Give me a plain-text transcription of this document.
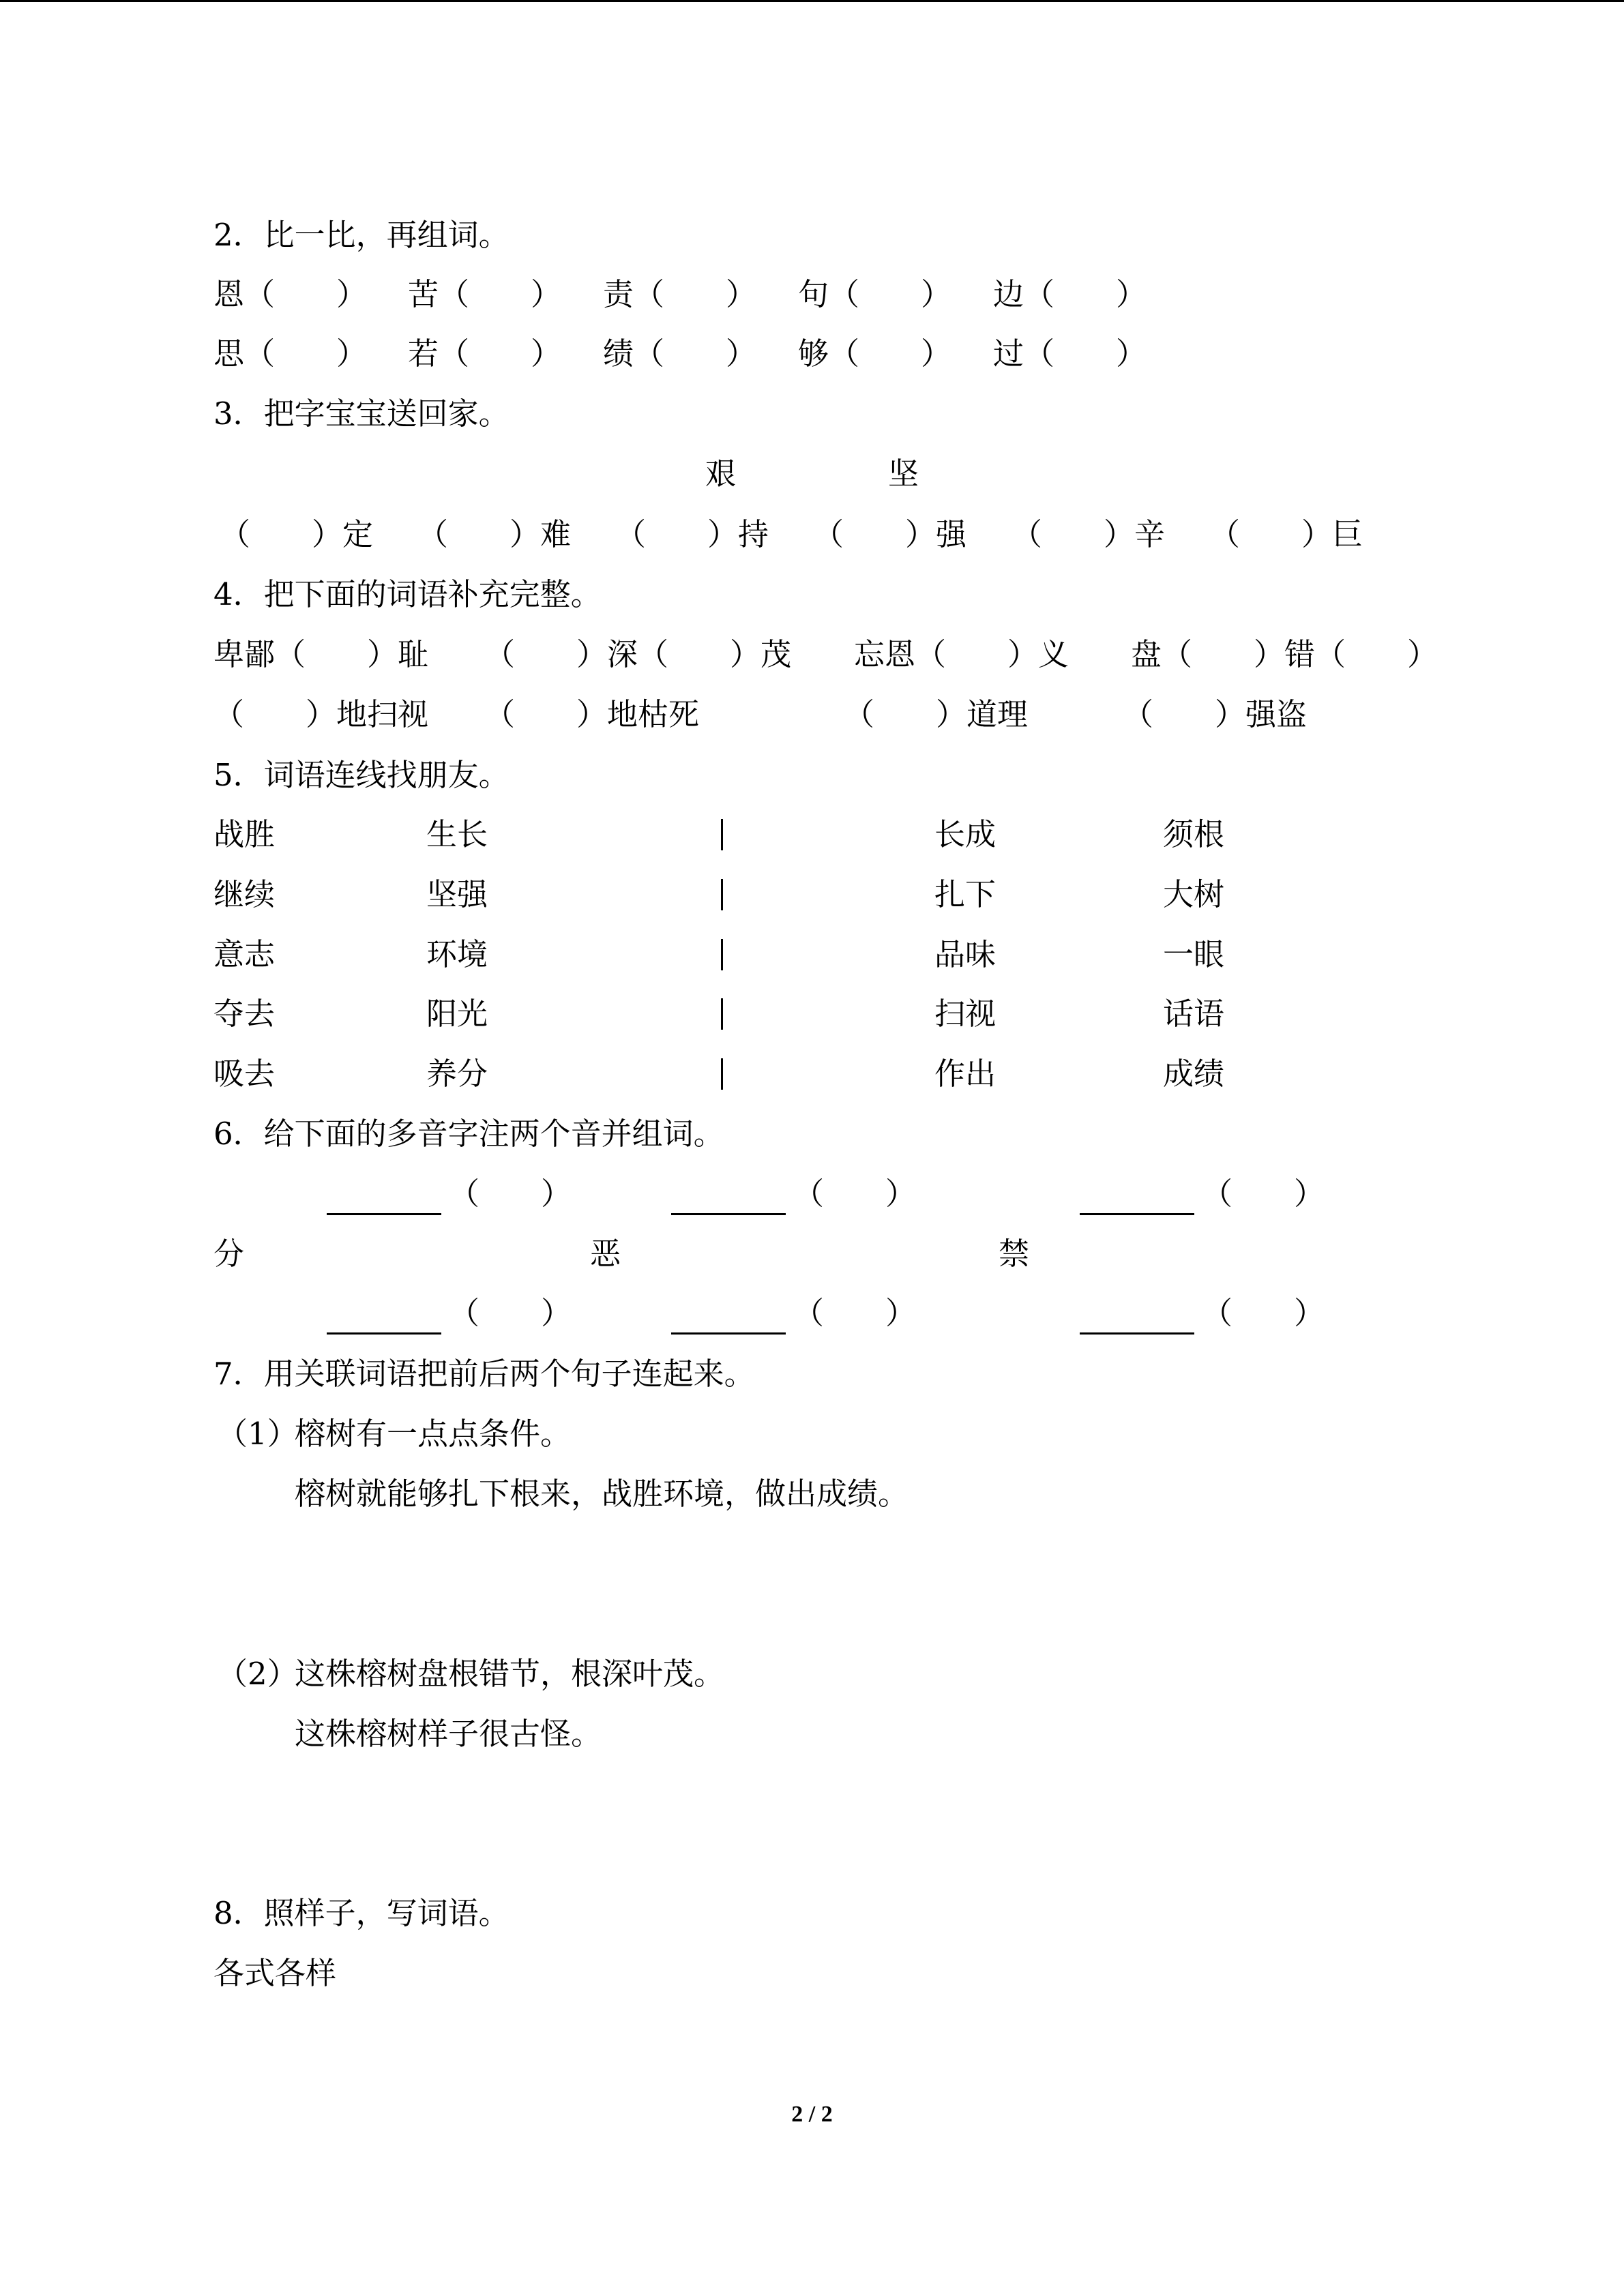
2．比一比，再组词。
恩（　　） 苦（　　） 责（　　） 句（　　） 边（　　）
思（　　） 若（　　） 绩（　　） 够（　　） 过（　　）
3．把字宝宝送回家。
艰	坚
（　　）定 （　　）难 （　　）持 （　　）强 （　　）辛 （　　）巨
4．把下面的词语补充完整。
卑鄙（　　）耻 （　　）深（　　）茂 忘恩（　　）义 盘（　　）错（　　）
（　　）地扫视 （　　）地枯死	（　　）道理	（　　）强盗
5．词语连线找朋友。
战胜	生长	长成	须根
继续	坚强	扎下	大树
意志	环境	品味	一眼
夺去	阳光	扫视	话语
吸去	养分	作出	成绩
6．给下面的多音字注两个音并组词。
（　　）	（　　）	（　　）
分	恶	禁
（　　）	（　　）	（　　）
7．用关联词语把前后两个句子连起来。
（1）
榕树有一点点条件。
榕树就能够扎下根来，战胜环境，做出成绩。
（2）
这株榕树盘根错节，根深叶茂。
这株榕树样子很古怪。
8．照样子，写词语。
各式各样
2 / 2
